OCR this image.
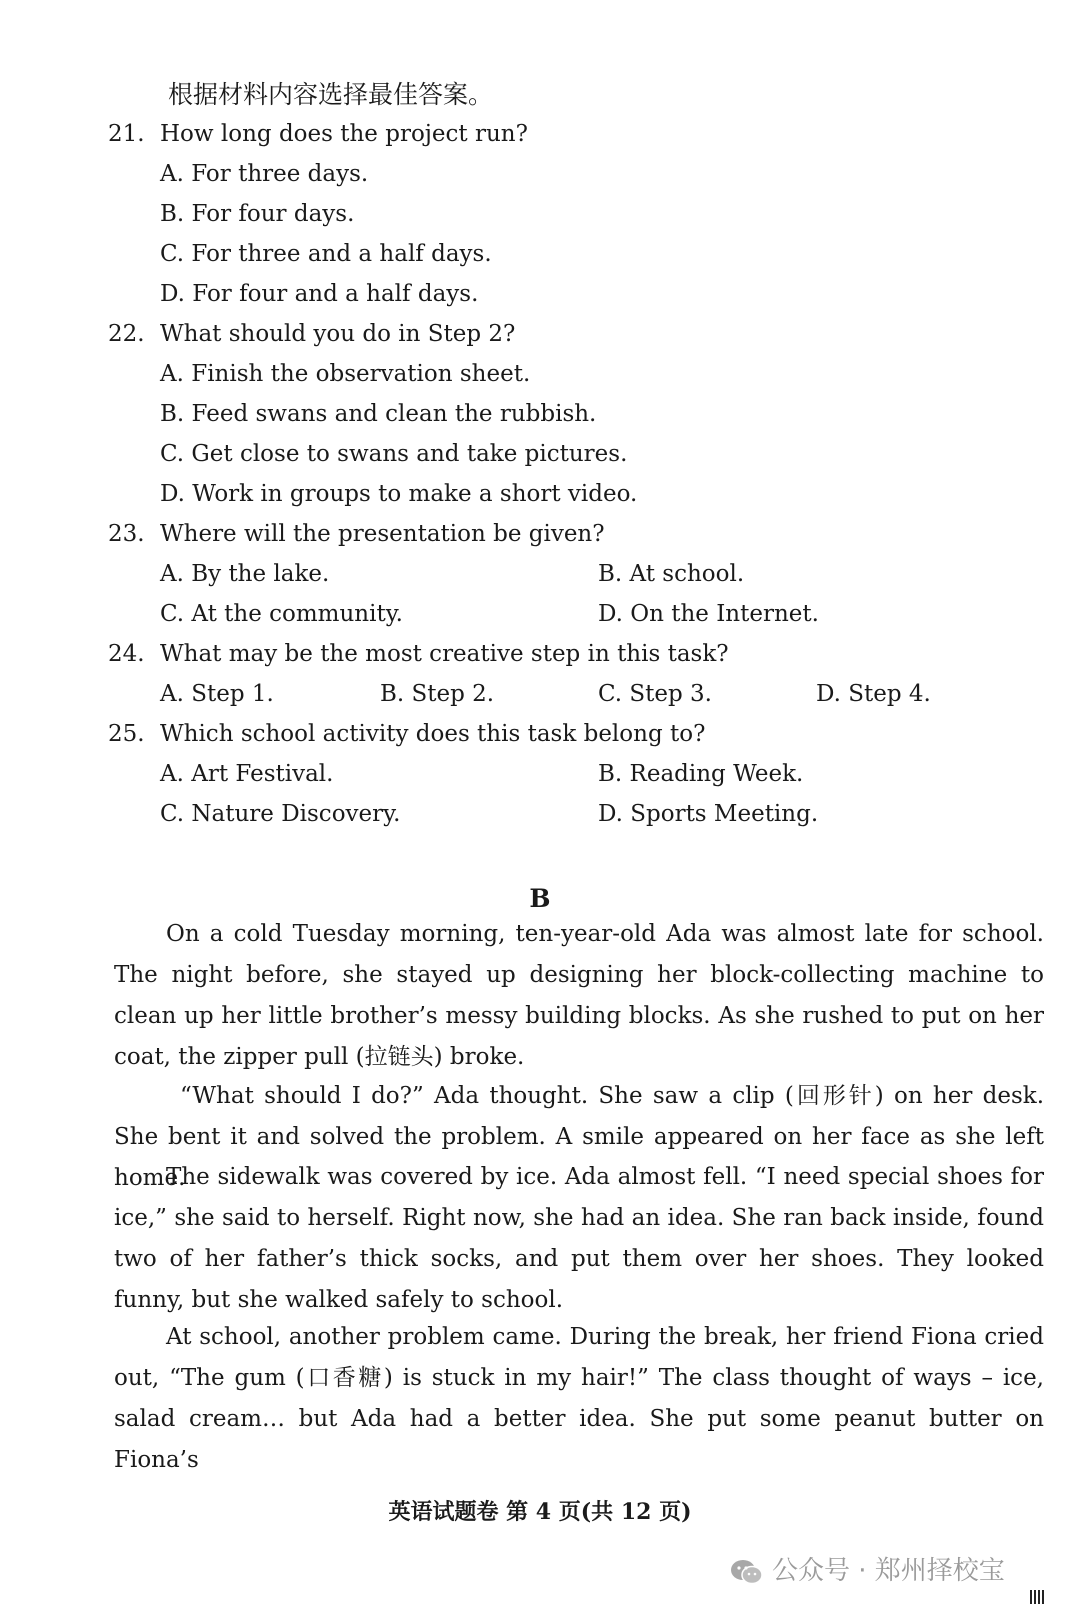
根据材料内容选择最佳答案。
21. How long does the project run?
A. For three days.
B. For four days.
C. For three and a half days.
D. For four and a half days.
22. What should you do in Step 2?
A. Finish the observation sheet.
B. Feed swans and clean the rubbish.
C. Get close to swans and take pictures.
D. Work in groups to make a short video.
23. Where will the presentation be given?
A. By the lake.	B. At school.
C. At the community.	D. On the Internet.
24. What may be the most creative step in this task?
A. Step 1.	B. Step 2.	C. Step 3.	D. Step 4.
25. Which school activity does this task belong to?
A. Art Festival.	B. Reading Week.
C. Nature Discovery.	D. Sports Meeting.
B
On a cold Tuesday morning, ten-year-old Ada was almost late for school. The night before, she stayed up designing her block-collecting machine to clean up her little brother’s messy building blocks. As she rushed to put on her coat, the zipper pull (拉链头) broke.
“What should I do?” Ada thought. She saw a clip (回形针) on her desk. She bent it and solved the problem. A smile appeared on her face as she left home.
The sidewalk was covered by ice. Ada almost fell. “I need special shoes for ice,” she said to herself. Right now, she had an idea. She ran back inside, found two of her father’s thick socks, and put them over her shoes. They looked funny, but she walked safely to school.
At school, another problem came. During the break, her friend Fiona cried out, “The gum (口香糖) is stuck in my hair!” The class thought of ways – ice, salad cream… but Ada had a better idea. She put some peanut butter on Fiona’s
英语试题卷 第 4 页(共 12 页)
公众号 · 郑州择校宝
